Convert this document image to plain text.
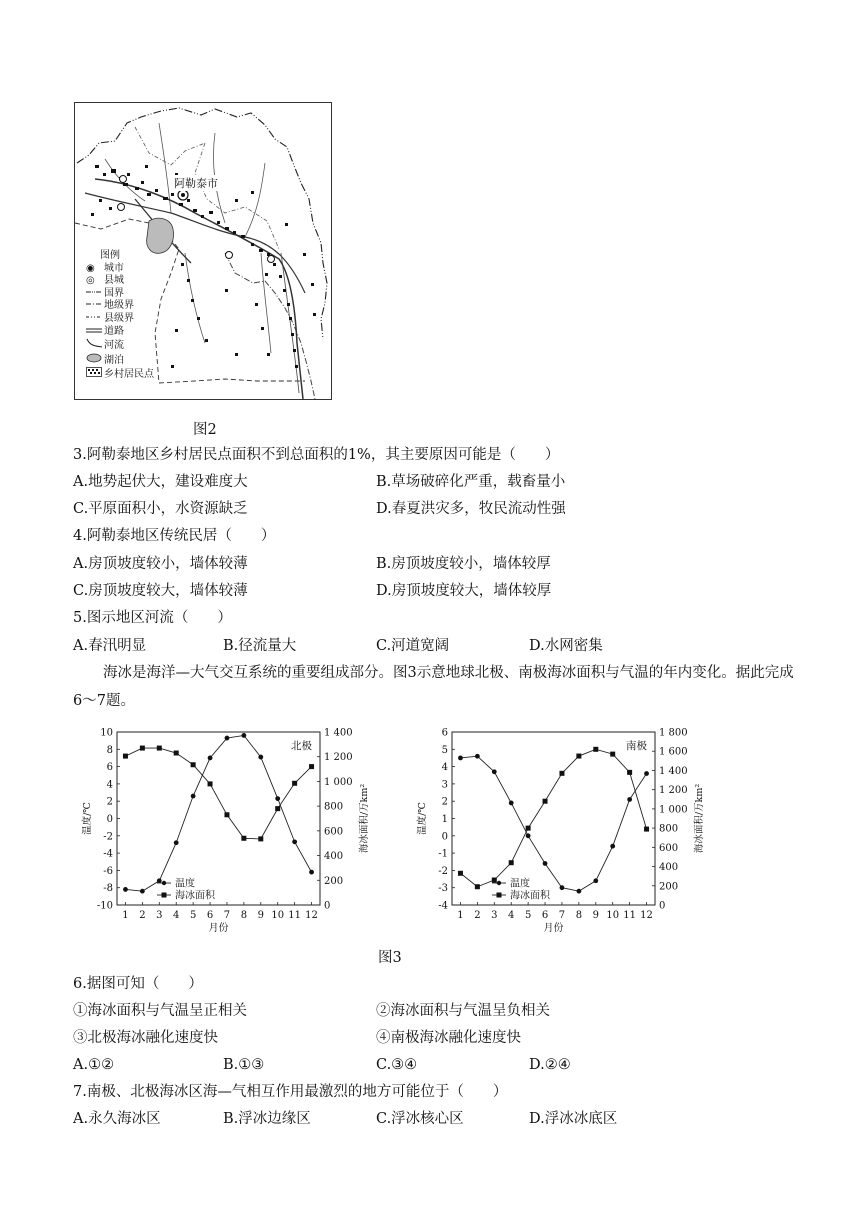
阿勒泰市
图例
◉ 城市
◎ 县城
国界
地级界
县级界
道路
河流
湖泊
乡村居民点
图2
3.阿勒泰地区乡村居民点面积不到总面积的1%，其主要原因可能是（　　）
A.地势起伏大，建设难度大	B.草场破碎化严重，载畜量小
C.平原面积小，水资源缺乏	D.春夏洪灾多，牧民流动性强
4.阿勒泰地区传统民居（　　）
A.房顶坡度较小，墙体较薄	B.房顶坡度较小，墙体较厚
C.房顶坡度较大，墙体较薄	D.房顶坡度较大，墙体较厚
5.图示地区河流（　　）
A.春汛明显	B.径流量大	C.河道宽阔	D.水网密集
海冰是海洋—大气交互系统的重要组成部分。图3示意地球北极、南极海冰面积与气温的年内变化。据此完成6～7题。
10
8
6
4
2
0
-2
-4
-6
-8
-10
1 400
1 200
1 000
800
600
400
200
0
1 2 3 4 5 6 7 8 9 10 11 12
月份
温度/℃	海冰面积/万km²
北极
温度
海冰面积
6
5
4
3
2
1
0
-1
-2
-3
-4
1 800
1 600
1 400
1 200
1 000
800
600
400
200
0
1 2 3 4 5 6 7 8 9 10 11 12
月份
温度/℃	海冰面积/万km²
南极
温度
海冰面积
图3
6.据图可知（　　）
①海冰面积与气温呈正相关	②海冰面积与气温呈负相关
③北极海冰融化速度快	④南极海冰融化速度快
A.①②	B.①③	C.③④	D.②④
7.南极、北极海冰区海—气相互作用最激烈的地方可能位于（　　）
A.永久海冰区	B.浮冰边缘区	C.浮冰核心区	D.浮冰冰底区
